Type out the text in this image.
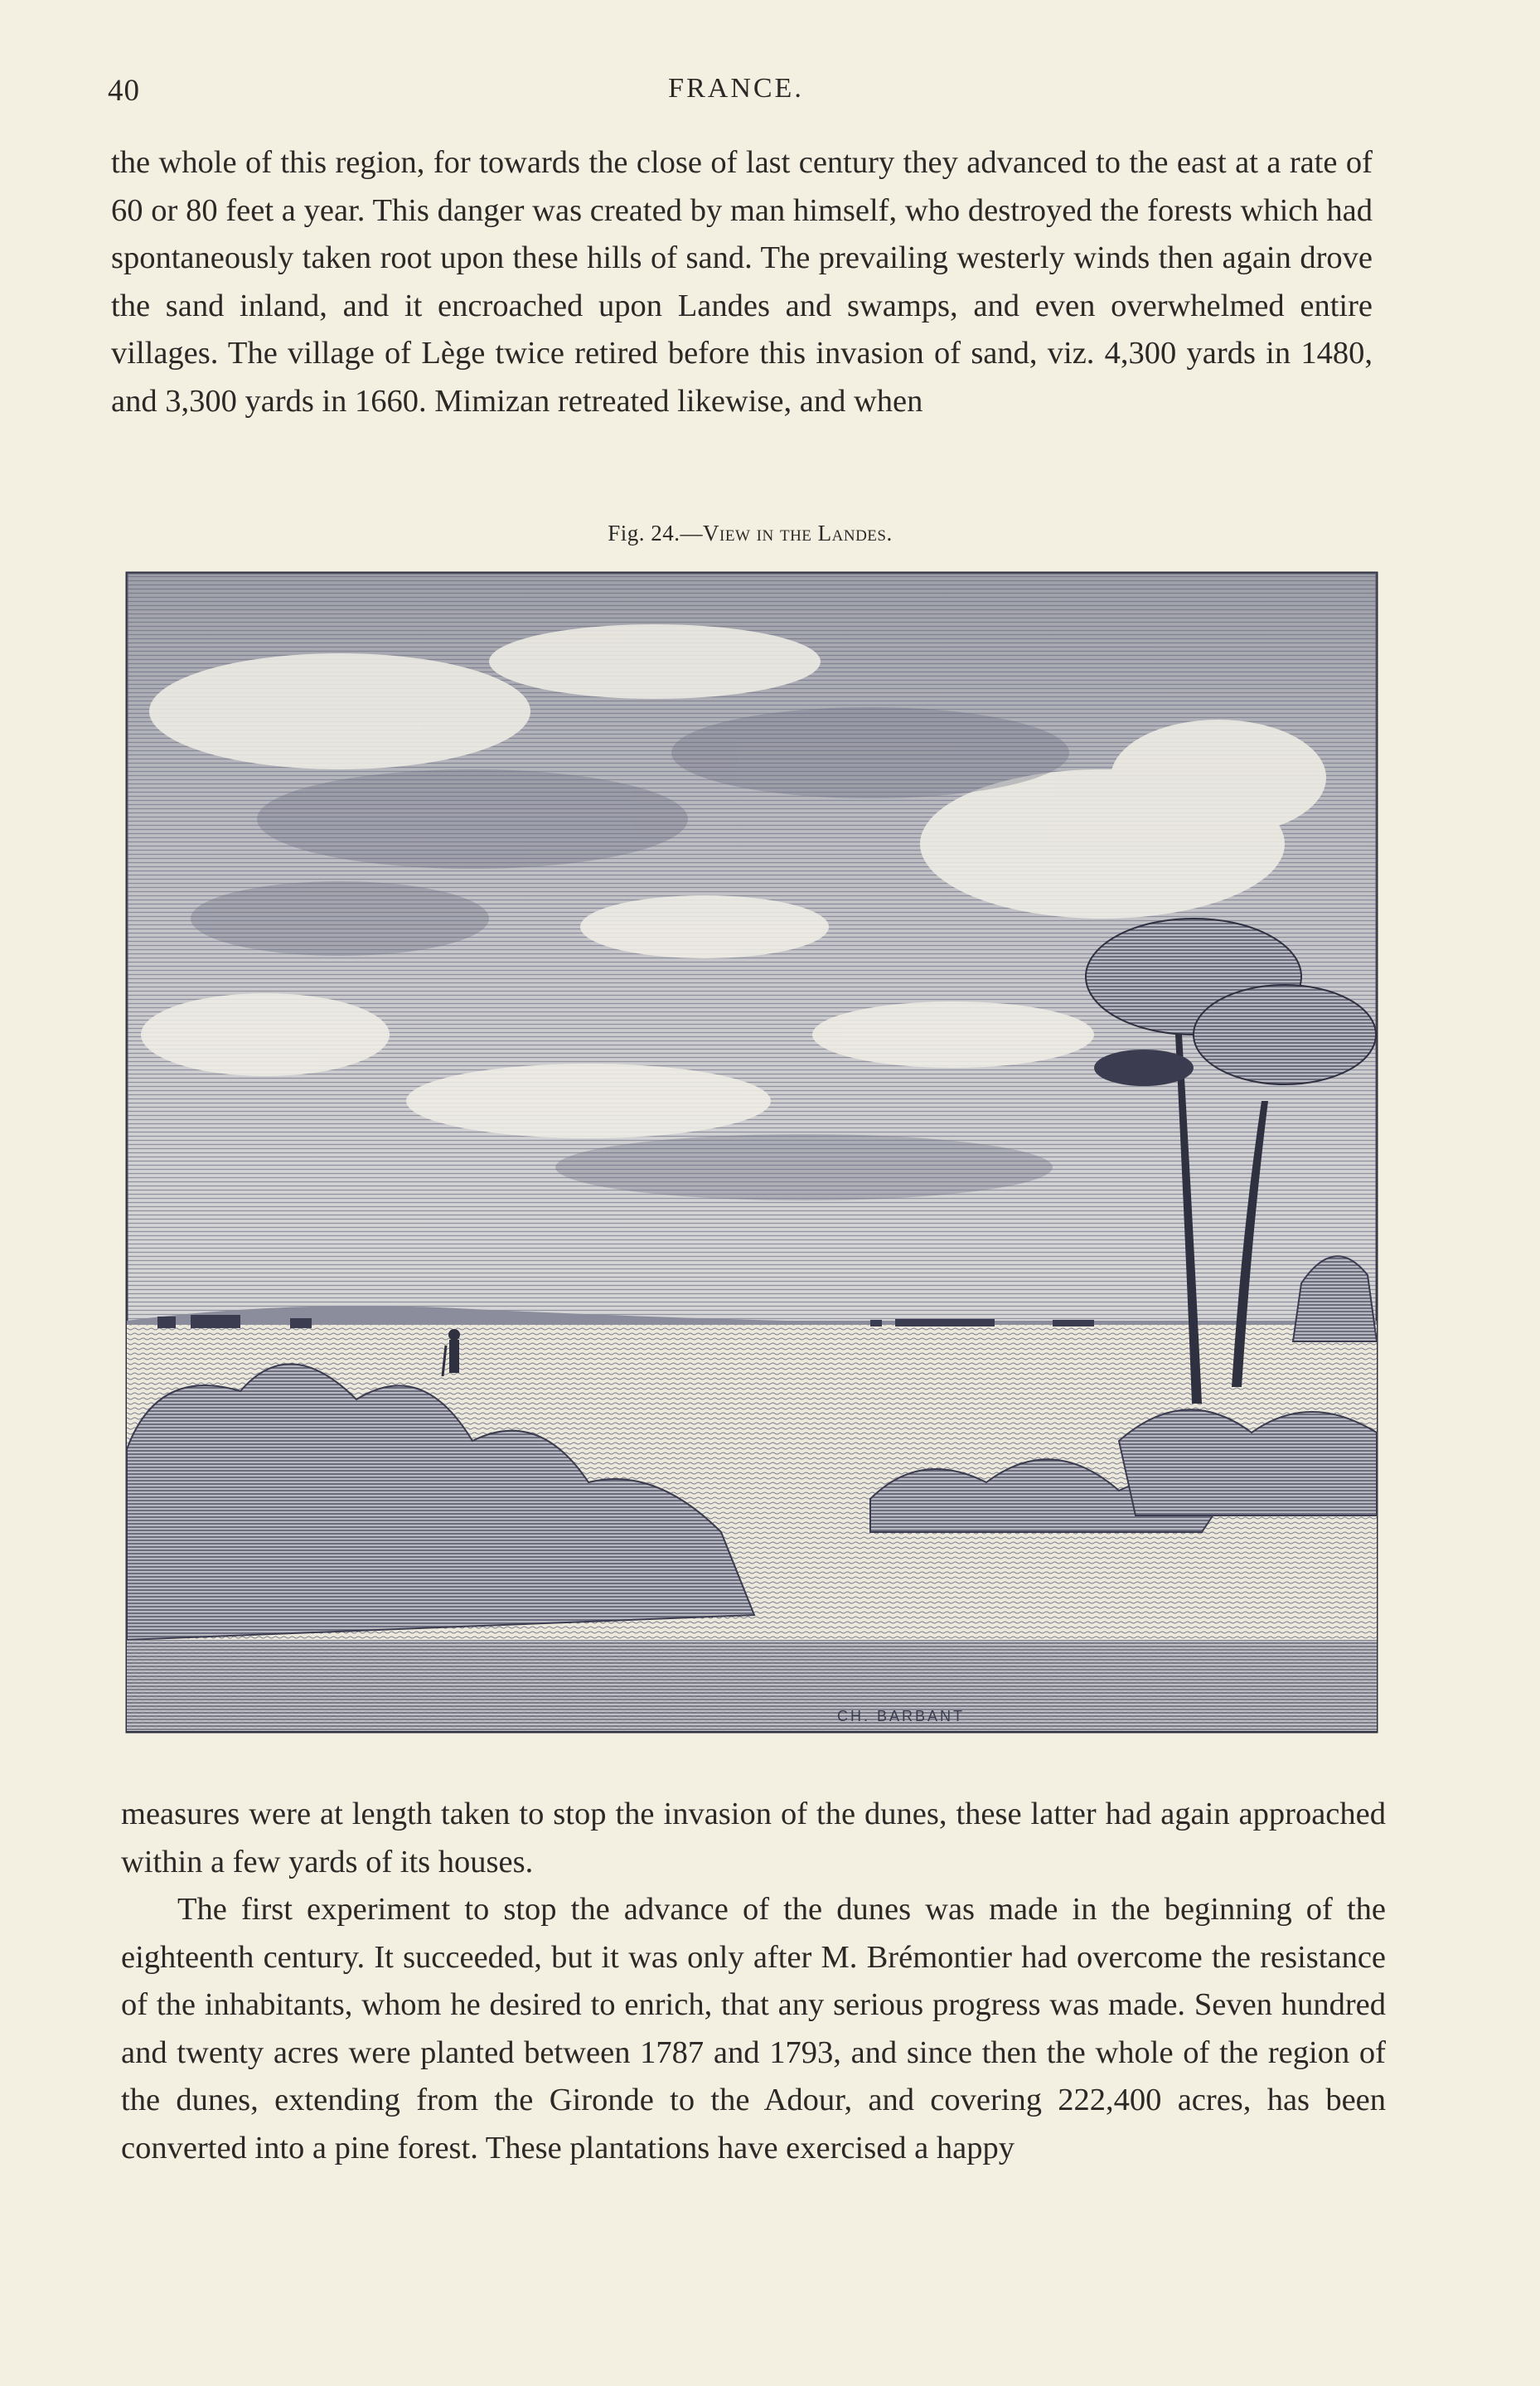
40	FRANCE.

the whole of this region, for towards the close of last century they advanced to the east at a rate of 60 or 80 feet a year. This danger was created by man himself, who destroyed the forests which had spontaneously taken root upon these hills of sand. The prevailing westerly winds then again drove the sand inland, and it encroached upon Landes and swamps, and even overwhelmed entire villages. The village of Lège twice retired before this invasion of sand, viz. 4,300 yards in 1480, and 3,300 yards in 1660. Mimizan retreated likewise, and when

Fig. 24.—View in the Landes.
CH. BARBANT

measures were at length taken to stop the invasion of the dunes, these latter had again approached within a few yards of its houses.

The first experiment to stop the advance of the dunes was made in the beginning of the eighteenth century. It succeeded, but it was only after M. Brémontier had overcome the resistance of the inhabitants, whom he desired to enrich, that any serious progress was made. Seven hundred and twenty acres were planted between 1787 and 1793, and since then the whole of the region of the dunes, extending from the Gironde to the Adour, and covering 222,400 acres, has been converted into a pine forest. These plantations have exercised a happy
